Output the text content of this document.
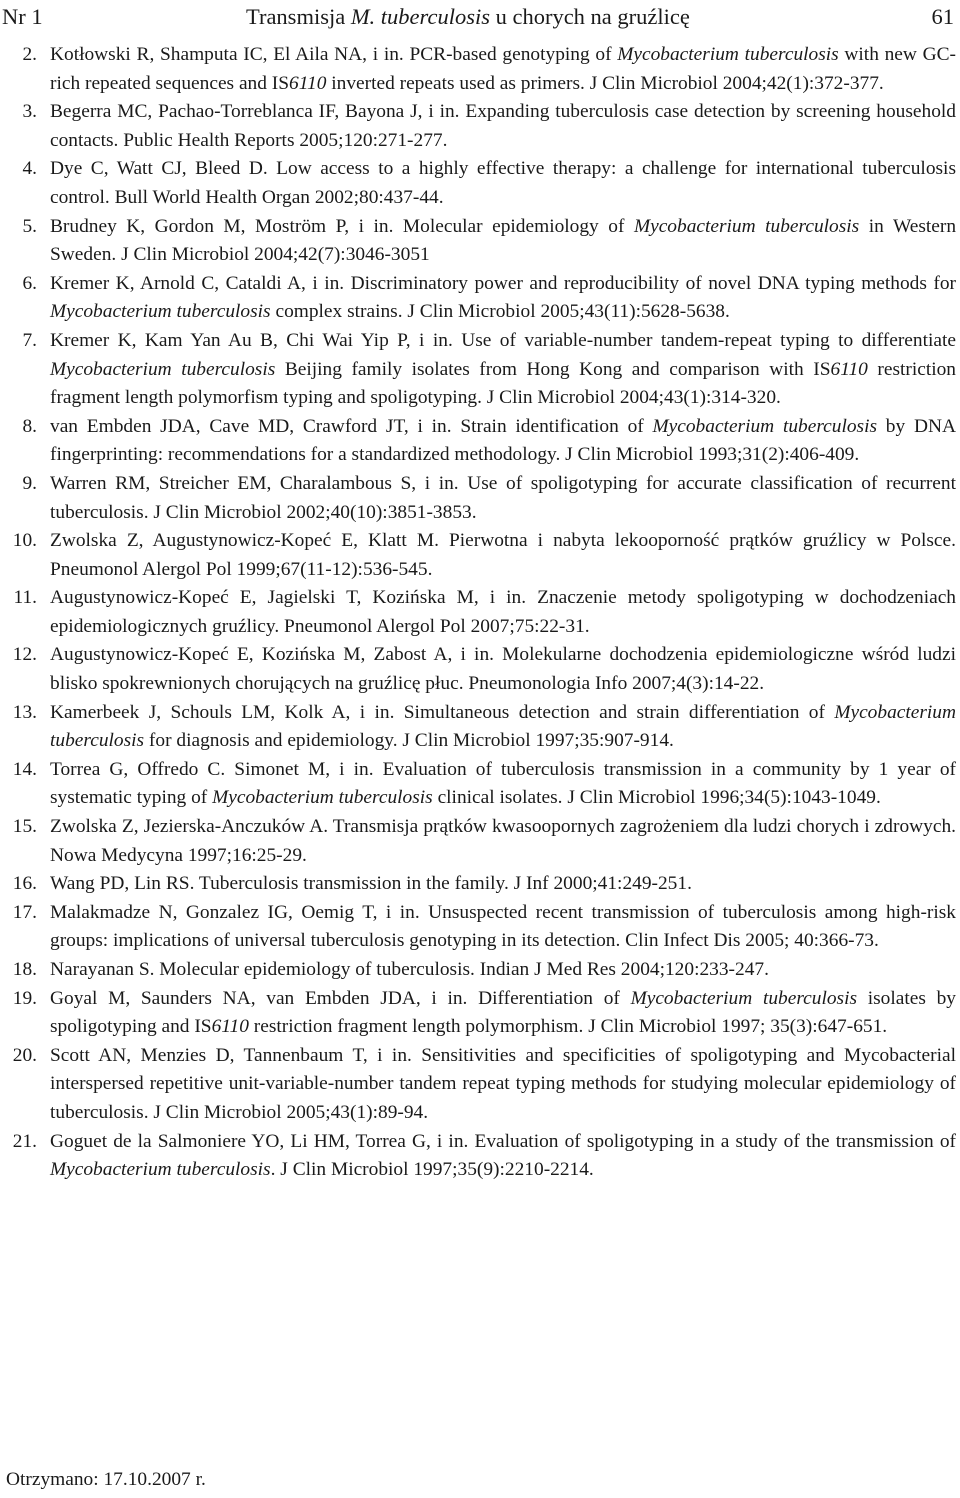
Nr 1	Transmisja M. tuberculosis u chorych na gruźlicę	61
2. Kotłowski R, Shamputa IC, El Aila NA, i in. PCR-based genotyping of Mycobacterium tuberculosis with new GC-rich repeated sequences and IS6110 inverted repeats used as primers. J Clin Microbiol 2004;42(1):372-377.
3. Begerra MC, Pachao-Torreblanca IF, Bayona J, i in. Expanding tuberculosis case detection by screening household contacts. Public Health Reports 2005;120:271-277.
4. Dye C, Watt CJ, Bleed D. Low access to a highly effective therapy: a challenge for international tuberculosis control. Bull World Health Organ 2002;80:437-44.
5. Brudney K, Gordon M, Moström P, i in. Molecular epidemiology of Mycobacterium tuberculosis in Western Sweden. J Clin Microbiol 2004;42(7):3046-3051
6. Kremer K, Arnold C, Cataldi A, i in. Discriminatory power and reproducibility of novel DNA typing methods for Mycobacterium tuberculosis complex strains. J Clin Microbiol 2005;43(11):5628-5638.
7. Kremer K, Kam Yan Au B, Chi Wai Yip P, i in. Use of variable-number tandem-repeat typing to differentiate Mycobacterium tuberculosis Beijing family isolates from Hong Kong and comparison with IS6110 restriction fragment length polymorfism typing and spoligotyping. J Clin Microbiol 2004;43(1):314-320.
8. van Embden JDA, Cave MD, Crawford JT, i in. Strain identification of Mycobacterium tuberculosis by DNA fingerprinting: recommendations for a standardized methodology. J Clin Microbiol 1993;31(2):406-409.
9. Warren RM, Streicher EM, Charalambous S, i in. Use of spoligotyping for accurate classification of recurrent tuberculosis. J Clin Microbiol 2002;40(10):3851-3853.
10. Zwolska Z, Augustynowicz-Kopeć E, Klatt M. Pierwotna i nabyta lekooporność prątków gruźlicy w Polsce. Pneumonol Alergol Pol 1999;67(11-12):536-545.
11. Augustynowicz-Kopeć E, Jagielski T, Kozińska M, i in. Znaczenie metody spoligotyping w dochodzeniach epidemiologicznych gruźlicy. Pneumonol Alergol Pol 2007;75:22-31.
12. Augustynowicz-Kopeć E, Kozińska M, Zabost A, i in. Molekularne dochodzenia epidemiologiczne wśród ludzi blisko spokrewnionych chorujących na gruźlicę płuc. Pneumonologia Info 2007;4(3):14-22.
13. Kamerbeek J, Schouls LM, Kolk A, i in. Simultaneous detection and strain differentiation of Mycobacterium tuberculosis for diagnosis and epidemiology. J Clin Microbiol 1997;35:907-914.
14. Torrea G, Offredo C. Simonet M, i in. Evaluation of tuberculosis transmission in a community by 1 year of systematic typing of Mycobacterium tuberculosis clinical isolates. J Clin Microbiol 1996;34(5):1043-1049.
15. Zwolska Z, Jezierska-Anczuków A. Transmisja prątków kwasoopornych zagrożeniem dla ludzi chorych i zdrowych. Nowa Medycyna 1997;16:25-29.
16. Wang PD, Lin RS. Tuberculosis transmission in the family. J Inf 2000;41:249-251.
17. Malakmadze N, Gonzalez IG, Oemig T, i in. Unsuspected recent transmission of tuberculosis among high-risk groups: implications of universal tuberculosis genotyping in its detection. Clin Infect Dis 2005; 40:366-73.
18. Narayanan S. Molecular epidemiology of tuberculosis. Indian J Med Res 2004;120:233-247.
19. Goyal M, Saunders NA, van Embden JDA, i in. Differentiation of Mycobacterium tuberculosis isolates by spoligotyping and IS6110 restriction fragment length polymorphism. J Clin Microbiol 1997; 35(3):647-651.
20. Scott AN, Menzies D, Tannenbaum T, i in. Sensitivities and specificities of spoligotyping and Mycobacterial interspersed repetitive unit-variable-number tandem repeat typing methods for studying molecular epidemiology of tuberculosis. J Clin Microbiol 2005;43(1):89-94.
21. Goguet de la Salmoniere YO, Li HM, Torrea G, i in. Evaluation of spoligotyping in a study of the transmission of Mycobacterium tuberculosis. J Clin Microbiol 1997;35(9):2210-2214.
Otrzymano: 17.10.2007 r.
